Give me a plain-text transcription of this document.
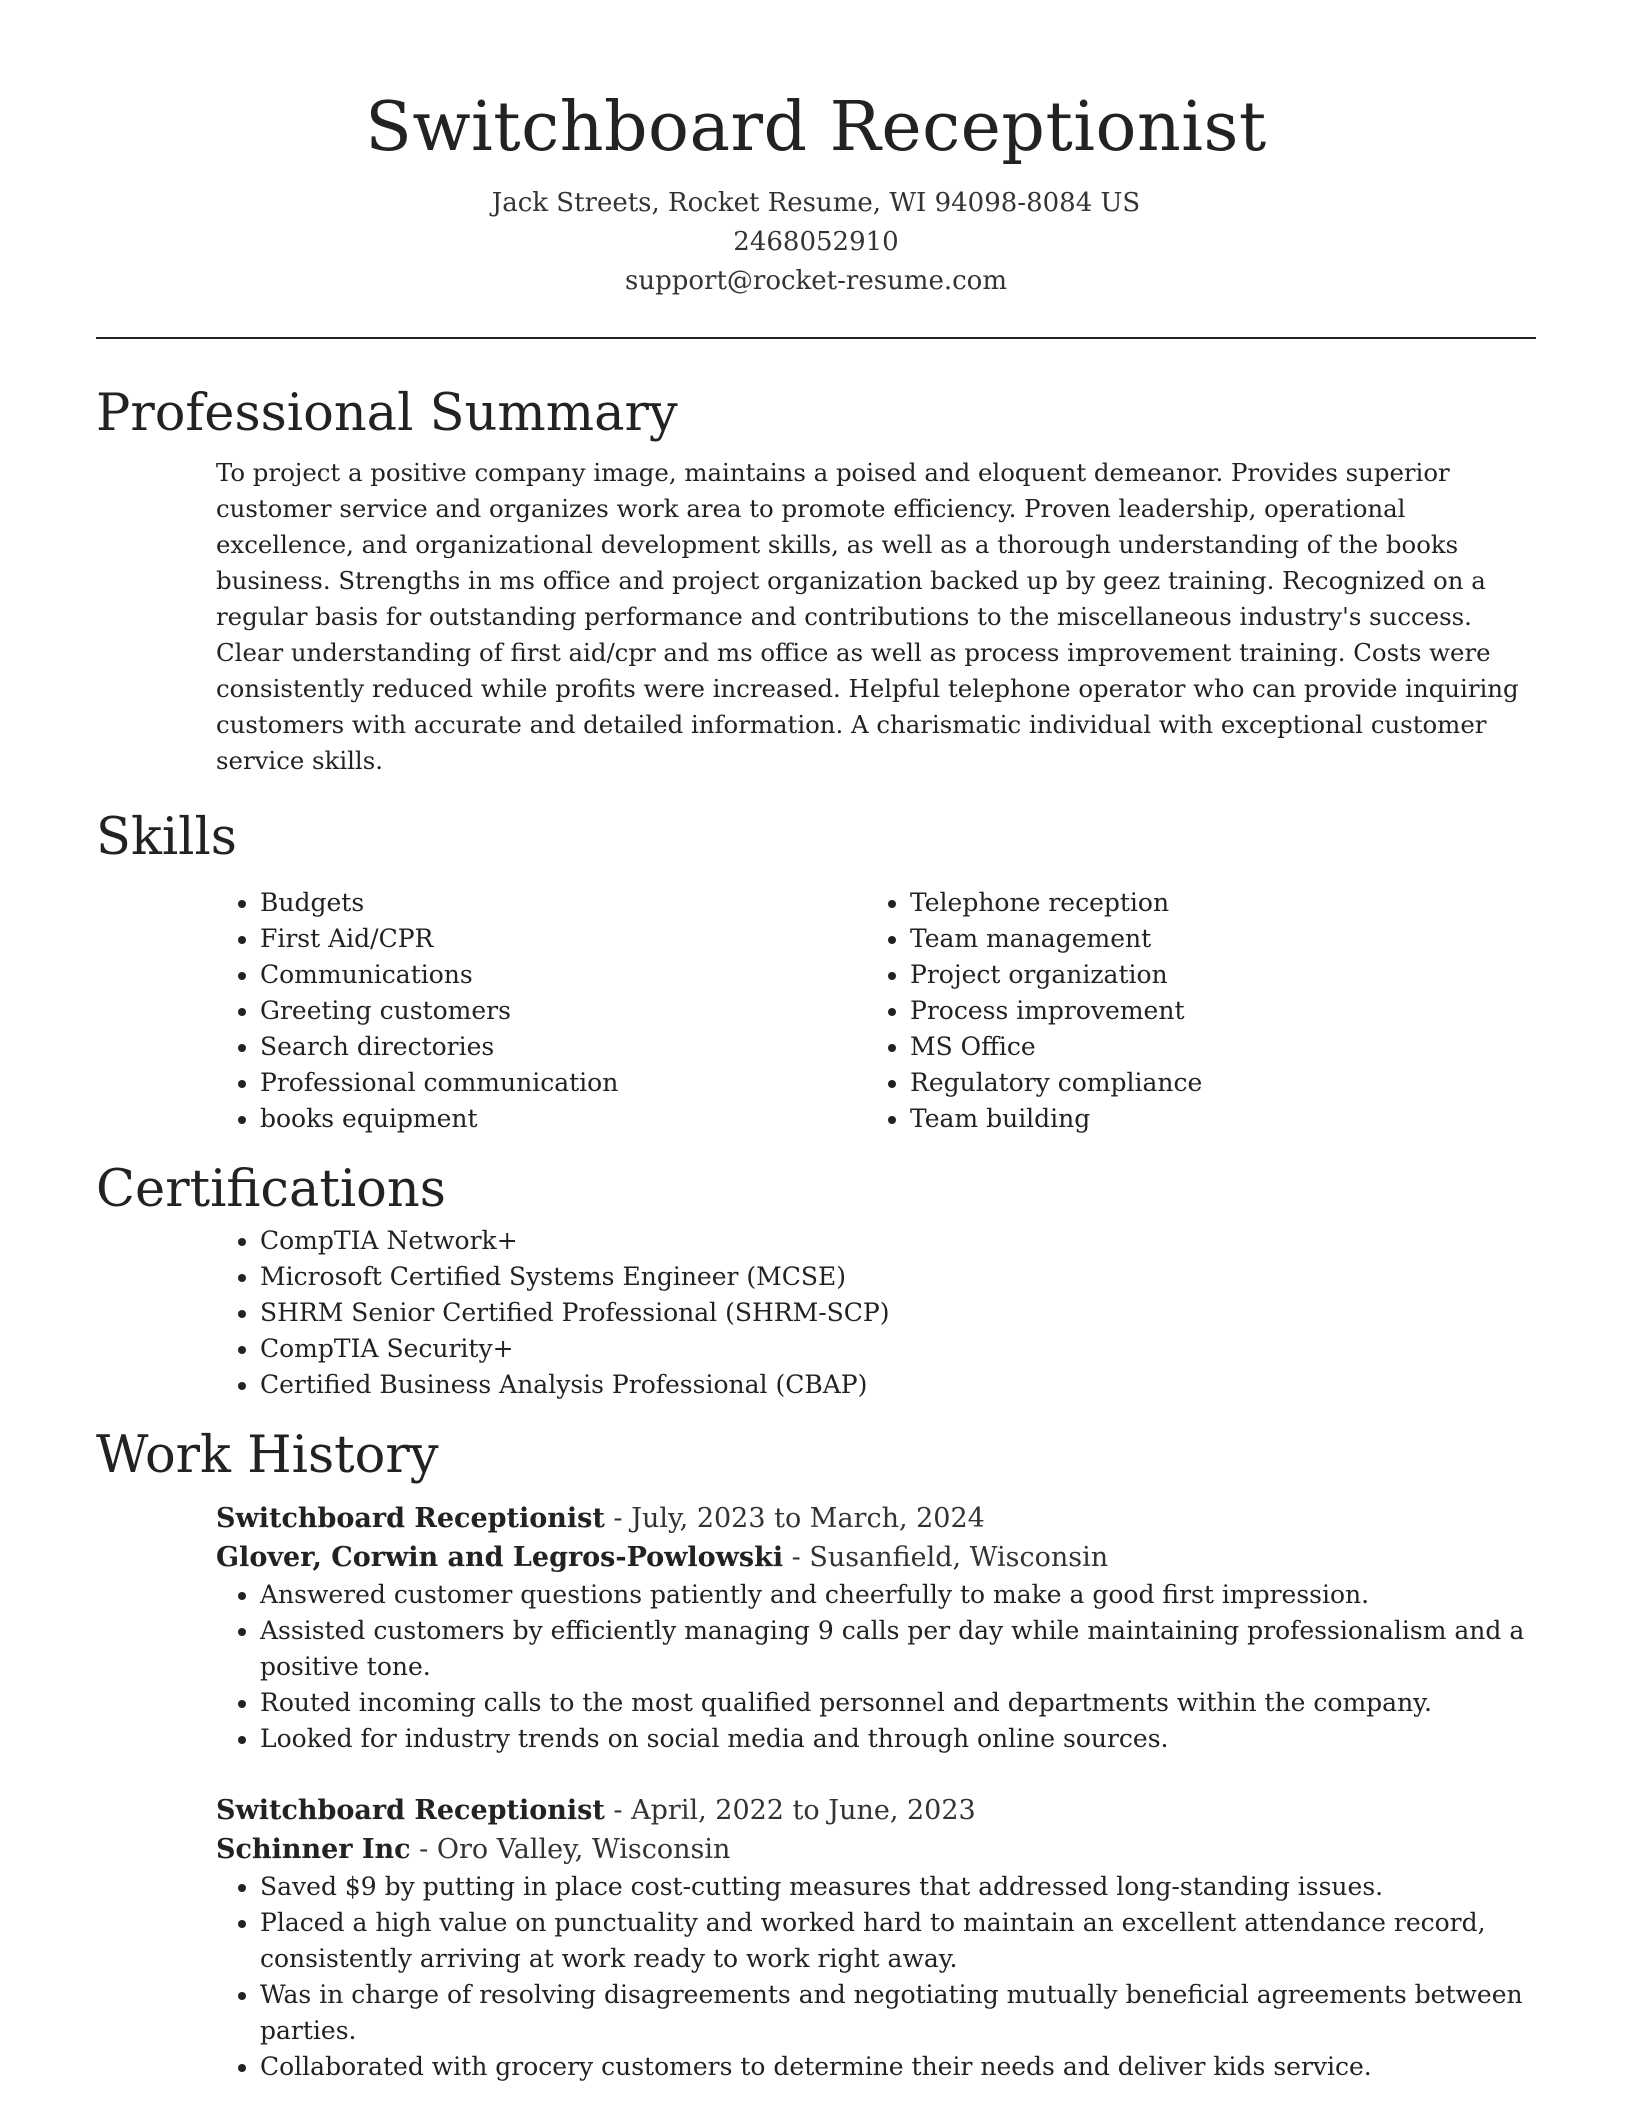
Switchboard Receptionist
Jack Streets, Rocket Resume, WI 94098-8084 US
2468052910
support@rocket-resume.com
Professional Summary

To project a positive company image, maintains a poised and eloquent demeanor. Provides superior customer service and organizes work area to promote efficiency. Proven leadership, operational excellence, and organizational development skills, as well as a thorough understanding of the books business. Strengths in ms office and project organization backed up by geez training. Recognized on a regular basis for outstanding performance and contributions to the miscellaneous industry's success. Clear understanding of first aid/cpr and ms office as well as process improvement training. Costs were consistently reduced while profits were increased. Helpful telephone operator who can provide inquiring customers with accurate and detailed information. A charismatic individual with exceptional customer service skills.

Skills
• Budgets
• First Aid/CPR
• Communications
• Greeting customers
• Search directories
• Professional communication
• books equipment
• Telephone reception
• Team management
• Project organization
• Process improvement
• MS Office
• Regulatory compliance
• Team building
Certifications
• CompTIA Network+
• Microsoft Certified Systems Engineer (MCSE)
• SHRM Senior Certified Professional (SHRM-SCP)
• CompTIA Security+
• Certified Business Analysis Professional (CBAP)
Work History
Switchboard Receptionist - July, 2023 to March, 2024
Glover, Corwin and Legros-Powlowski - Susanfield, Wisconsin
• Answered customer questions patiently and cheerfully to make a good first impression.
• Assisted customers by efficiently managing 9 calls per day while maintaining professionalism and a positive tone.
• Routed incoming calls to the most qualified personnel and departments within the company.
• Looked for industry trends on social media and through online sources.
Switchboard Receptionist - April, 2022 to June, 2023
Schinner Inc - Oro Valley, Wisconsin
• Saved $9 by putting in place cost-cutting measures that addressed long-standing issues.
• Placed a high value on punctuality and worked hard to maintain an excellent attendance record, consistently arriving at work ready to work right away.
• Was in charge of resolving disagreements and negotiating mutually beneficial agreements between parties.
• Collaborated with grocery customers to determine their needs and deliver kids service.
